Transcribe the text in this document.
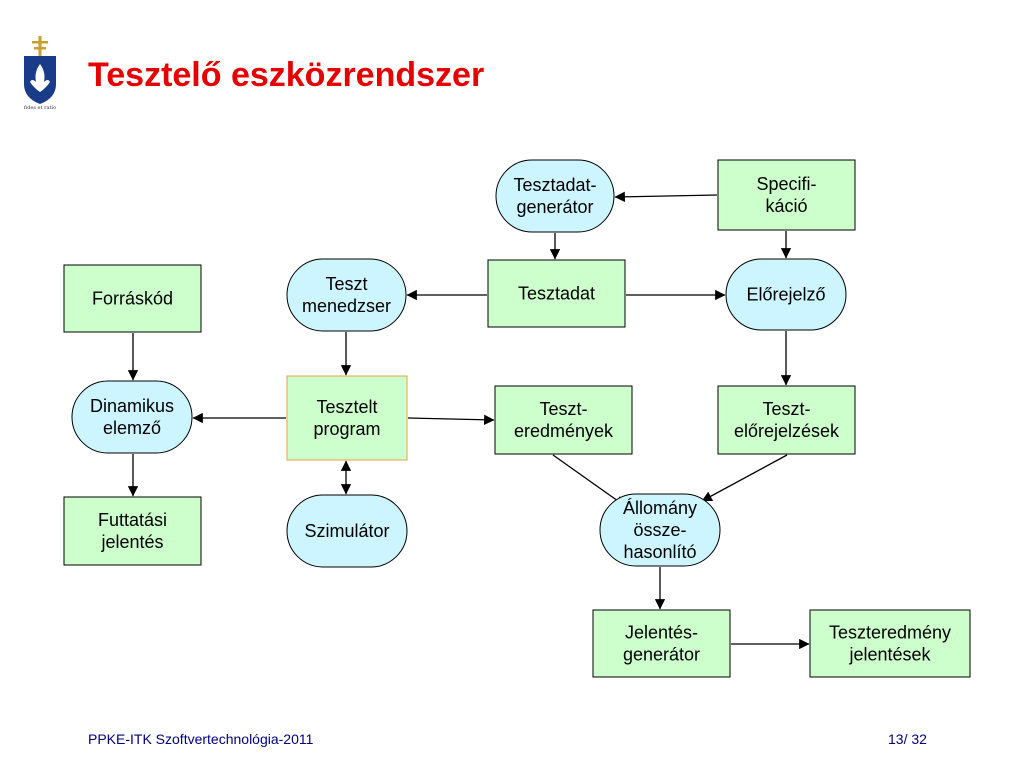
fides et ratio
Tesztelő eszközrendszer
Tesztadat-
generátor
Specifi-
káció
Forráskód
Teszt
menedzser
Tesztadat	Előrejelző
Dinamikus
elemző
Tesztelt
program
Teszt-
eredmények
Teszt-
előrejelzések
Futtatási
jelentés
Szimulátor
Állomány
össze-
hasonlító
Jelentés-
generátor
Teszteredmény
jelentések
PPKE-ITK Szoftvertechnológia-2011	13/ 32
